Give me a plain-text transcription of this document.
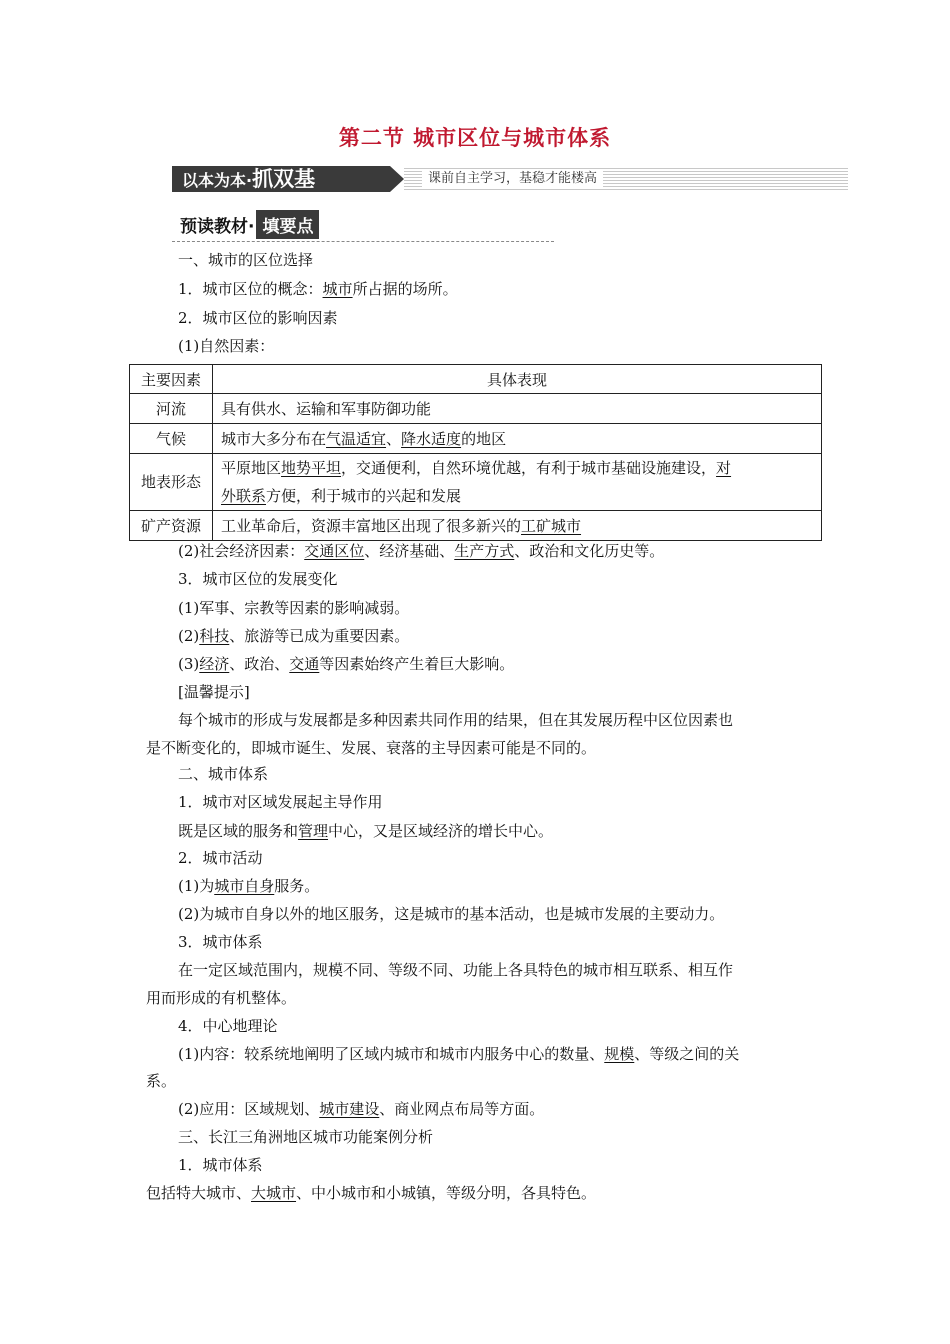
第二节 城市区位与城市体系
以本为本·抓双基	课前自主学习，基稳才能楼高
预读教材· 填要点
一、城市的区位选择
1．城市区位的概念：城市所占据的场所。
2．城市区位的影响因素
(1)自然因素：
主要因素	具体表现
河流	具有供水、运输和军事防御功能
气候	城市大多分布在气温适宜、降水适度的地区
地表形态	平原地区地势平坦，交通便利，自然环境优越，有利于城市基础设施建设，对
外联系方便，利于城市的兴起和发展
矿产资源	工业革命后，资源丰富地区出现了很多新兴的工矿城市
(2)社会经济因素：交通区位、经济基础、生产方式、政治和文化历史等。
3．城市区位的发展变化
(1)军事、宗教等因素的影响减弱。
(2)科技、旅游等已成为重要因素。
(3)经济、政治、交通等因素始终产生着巨大影响。
[温馨提示]
每个城市的形成与发展都是多种因素共同作用的结果，但在其发展历程中区位因素也
是不断变化的，即城市诞生、发展、衰落的主导因素可能是不同的。
二、城市体系
1．城市对区域发展起主导作用
既是区域的服务和管理中心，又是区域经济的增长中心。
2．城市活动
(1)为城市自身服务。
(2)为城市自身以外的地区服务，这是城市的基本活动，也是城市发展的主要动力。
3．城市体系
在一定区域范围内，规模不同、等级不同、功能上各具特色的城市相互联系、相互作
用而形成的有机整体。
4．中心地理论
(1)内容：较系统地阐明了区域内城市和城市内服务中心的数量、规模、等级之间的关
系。
(2)应用：区域规划、城市建设、商业网点布局等方面。
三、长江三角洲地区城市功能案例分析
1．城市体系
包括特大城市、大城市、中小城市和小城镇，等级分明，各具特色。
